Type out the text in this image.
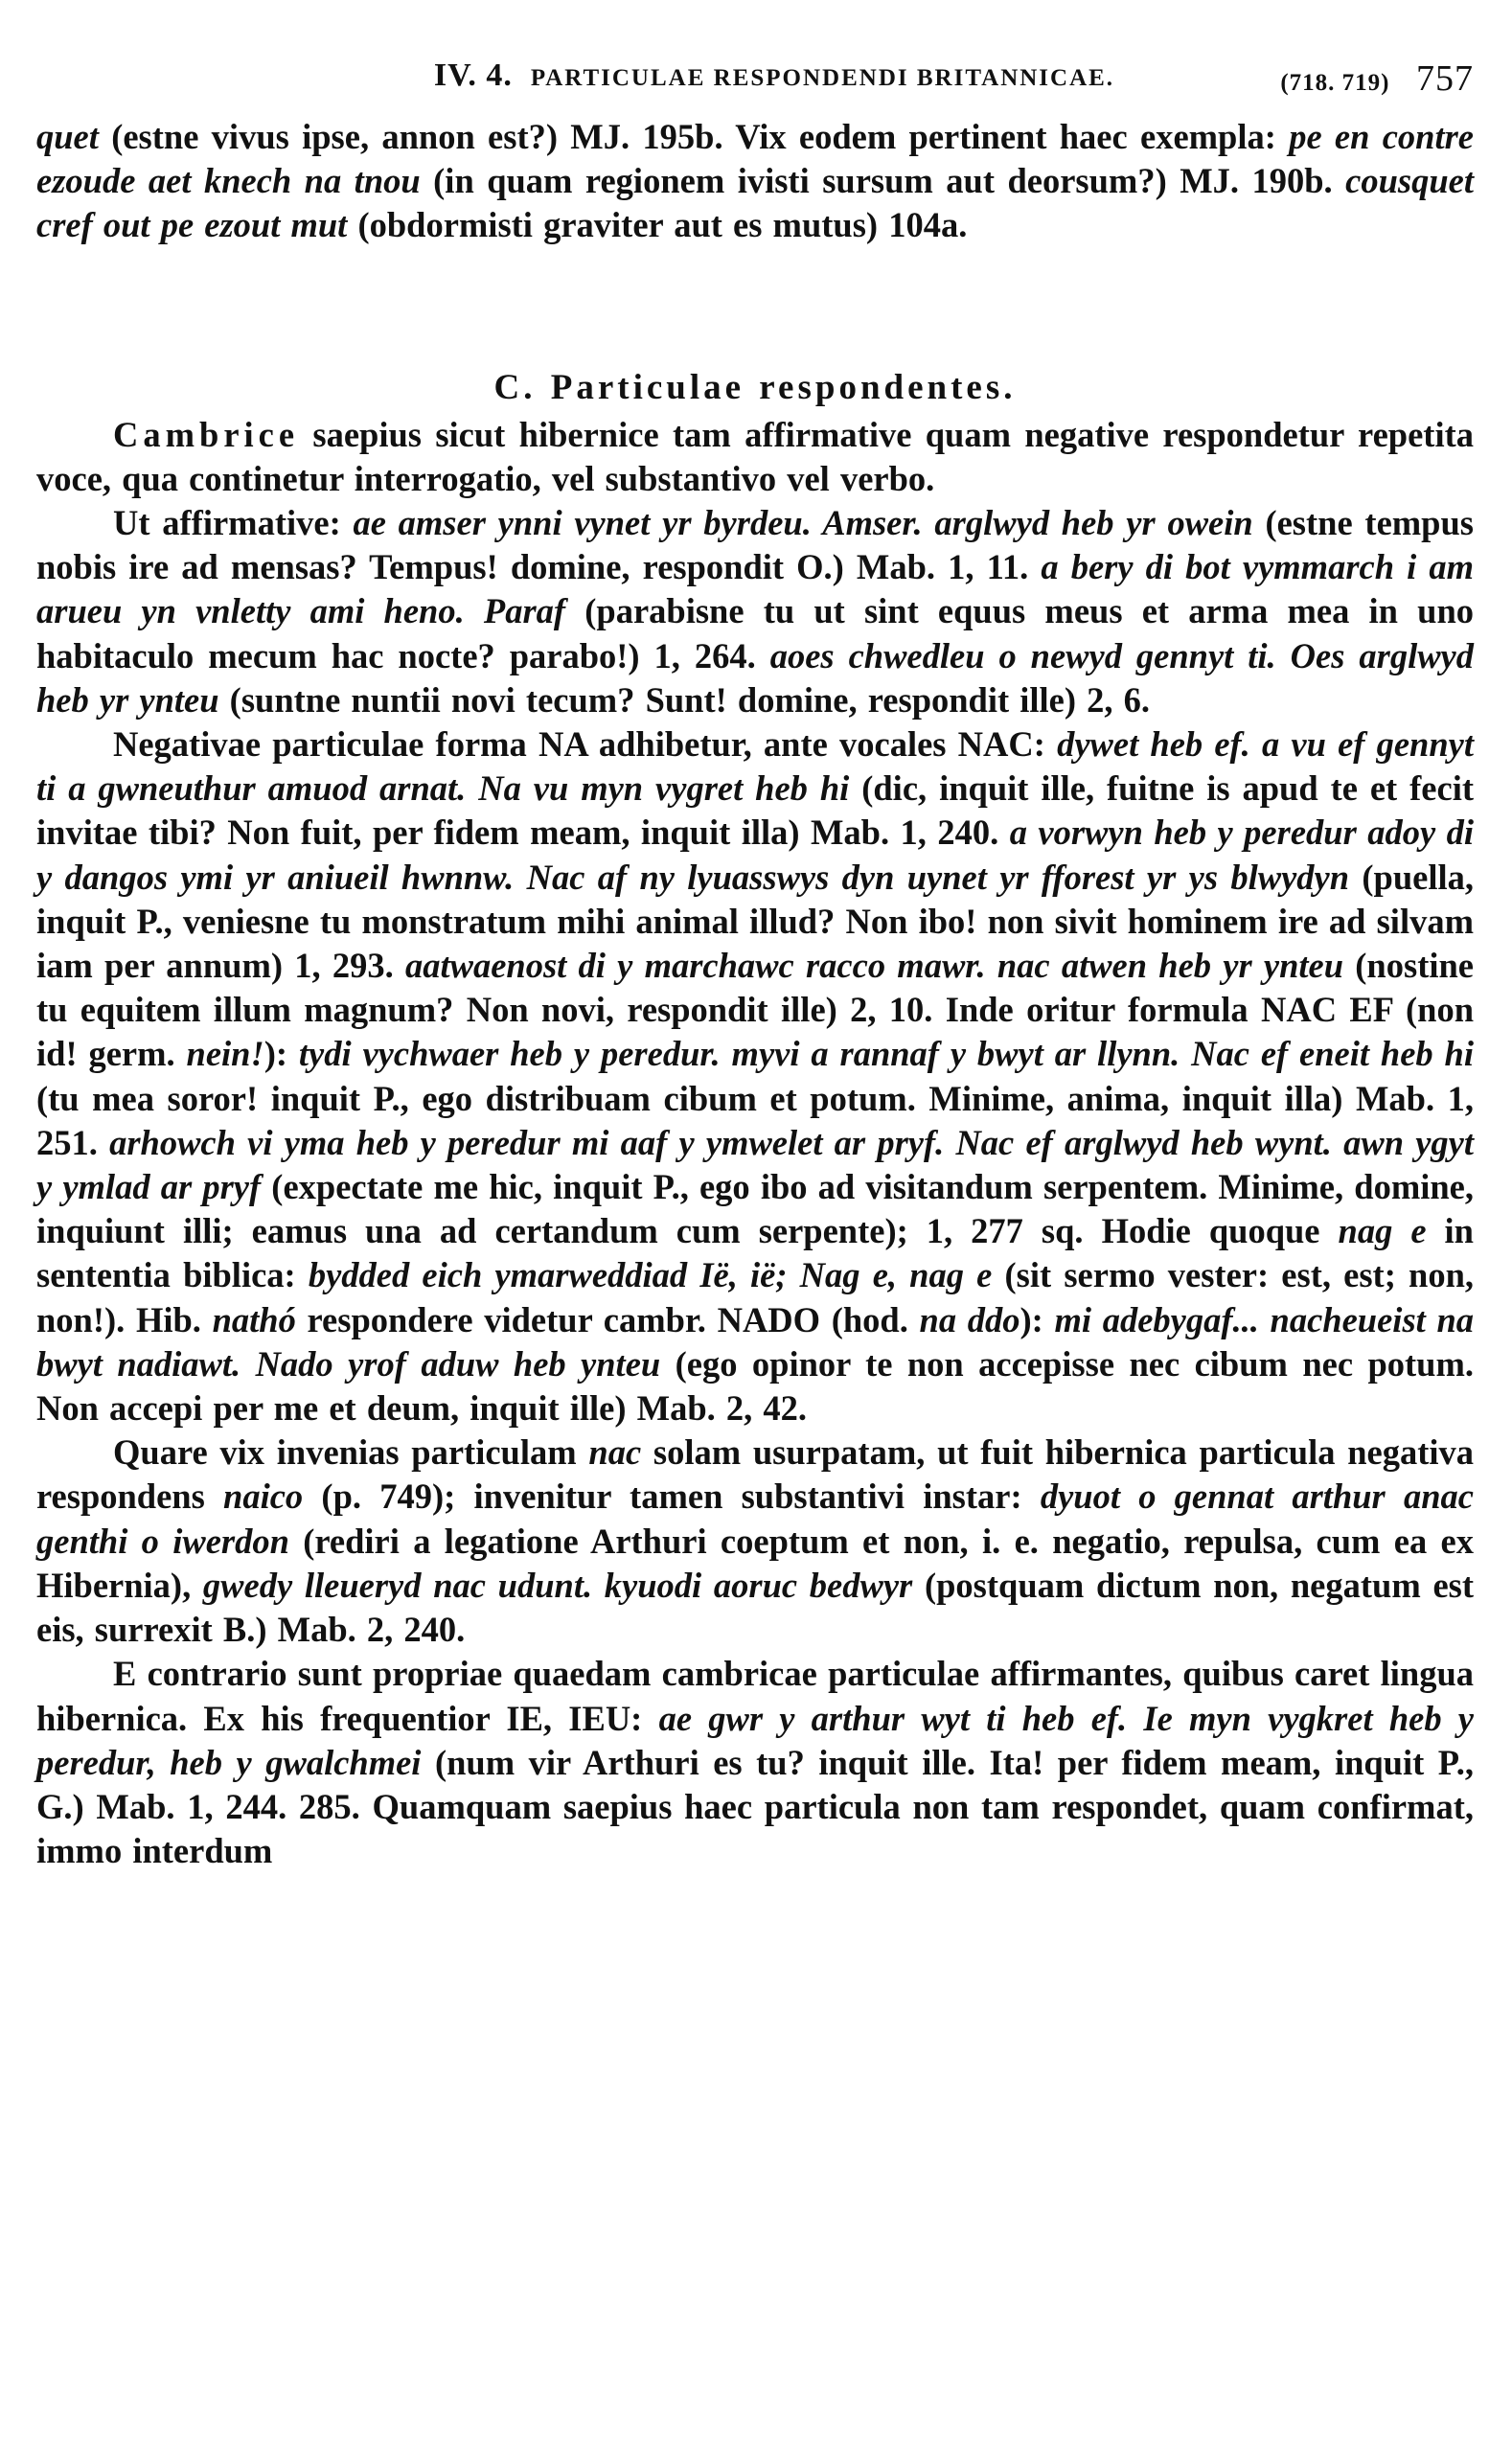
IV. 4. PARTICULAE RESPONDENDI BRITANNICAE.	(718. 719) 757

quet (estne vivus ipse, annon est?) MJ. 195b. Vix eodem pertinent haec exempla: pe en contre ezoude aet knech na tnou (in quam regionem ivisti sursum aut deorsum?) MJ. 190b. cousquet cref out pe ezout mut (obdormisti graviter aut es mutus) 104a.

C. Particulae respondentes.

Cambrice saepius sicut hibernice tam affirmative quam negative respondetur repetita voce, qua continetur interrogatio, vel substantivo vel verbo.

Ut affirmative: ae amser ynni vynet yr byrdeu. Amser. arglwyd heb yr owein (estne tempus nobis ire ad mensas? Tempus! domine, respondit O.) Mab. 1, 11. a bery di bot vymmarch i am arueu yn vnletty ami heno. Paraf (parabisne tu ut sint equus meus et arma mea in uno habitaculo mecum hac nocte? parabo!) 1, 264. aoes chwedleu o newyd gennyt ti. Oes arglwyd heb yr ynteu (suntne nuntii novi tecum? Sunt! domine, respondit ille) 2, 6.

Negativae particulae forma NA adhibetur, ante vocales NAC: dywet heb ef. a vu ef gennyt ti a gwneuthur amuod arnat. Na vu myn vygret heb hi (dic, inquit ille, fuitne is apud te et fecit invitae tibi? Non fuit, per fidem meam, inquit illa) Mab. 1, 240. a vorwyn heb y peredur adoy di y dangos ymi yr aniueil hwnnw. Nac af ny lyuasswys dyn uynet yr fforest yr ys blwydyn (puella, inquit P., veniesne tu monstratum mihi animal illud? Non ibo! non sivit hominem ire ad silvam iam per annum) 1, 293. aatwaenost di y marchawc racco mawr. nac atwen heb yr ynteu (nostine tu equitem illum magnum? Non novi, respondit ille) 2, 10. Inde oritur formula NAC EF (non id! germ. nein!): tydi vychwaer heb y peredur. myvi a rannaf y bwyt ar llynn. Nac ef eneit heb hi (tu mea soror! inquit P., ego distribuam cibum et potum. Minime, anima, inquit illa) Mab. 1, 251. arhowch vi yma heb y peredur mi aaf y ymwelet ar pryf. Nac ef arglwyd heb wynt. awn ygyt y ymlad ar pryf (expectate me hic, inquit P., ego ibo ad visitandum serpentem. Minime, domine, inquiunt illi; eamus una ad certandum cum serpente); 1, 277 sq. Hodie quoque nag e in sententia biblica: bydded eich ymarweddiad Iё, iё; Nag e, nag e (sit sermo vester: est, est; non, non!). Hib. nathó respondere videtur cambr. NADO (hod. na ddo): mi adebygaf... nacheueist na bwyt nadiawt. Nado yrof aduw heb ynteu (ego opinor te non accepisse nec cibum nec potum. Non accepi per me et deum, inquit ille) Mab. 2, 42.

Quare vix invenias particulam nac solam usurpatam, ut fuit hibernica particula negativa respondens naico (p. 749); invenitur tamen substantivi instar: dyuot o gennat arthur anac genthi o iwerdon (rediri a legatione Arthuri coeptum et non, i. e. negatio, repulsa, cum ea ex Hibernia), gwedy lleueryd nac udunt. kyuodi aoruc bedwyr (postquam dictum non, negatum est eis, surrexit B.) Mab. 2, 240.

E contrario sunt propriae quaedam cambricae particulae affirmantes, quibus caret lingua hibernica. Ex his frequentior IE, IEU: ae gwr y arthur wyt ti heb ef. Ie myn vygkret heb y peredur, heb y gwalchmei (num vir Arthuri es tu? inquit ille. Ita! per fidem meam, inquit P., G.) Mab. 1, 244. 285. Quamquam saepius haec particula non tam respondet, quam confirmat, immo interdum
